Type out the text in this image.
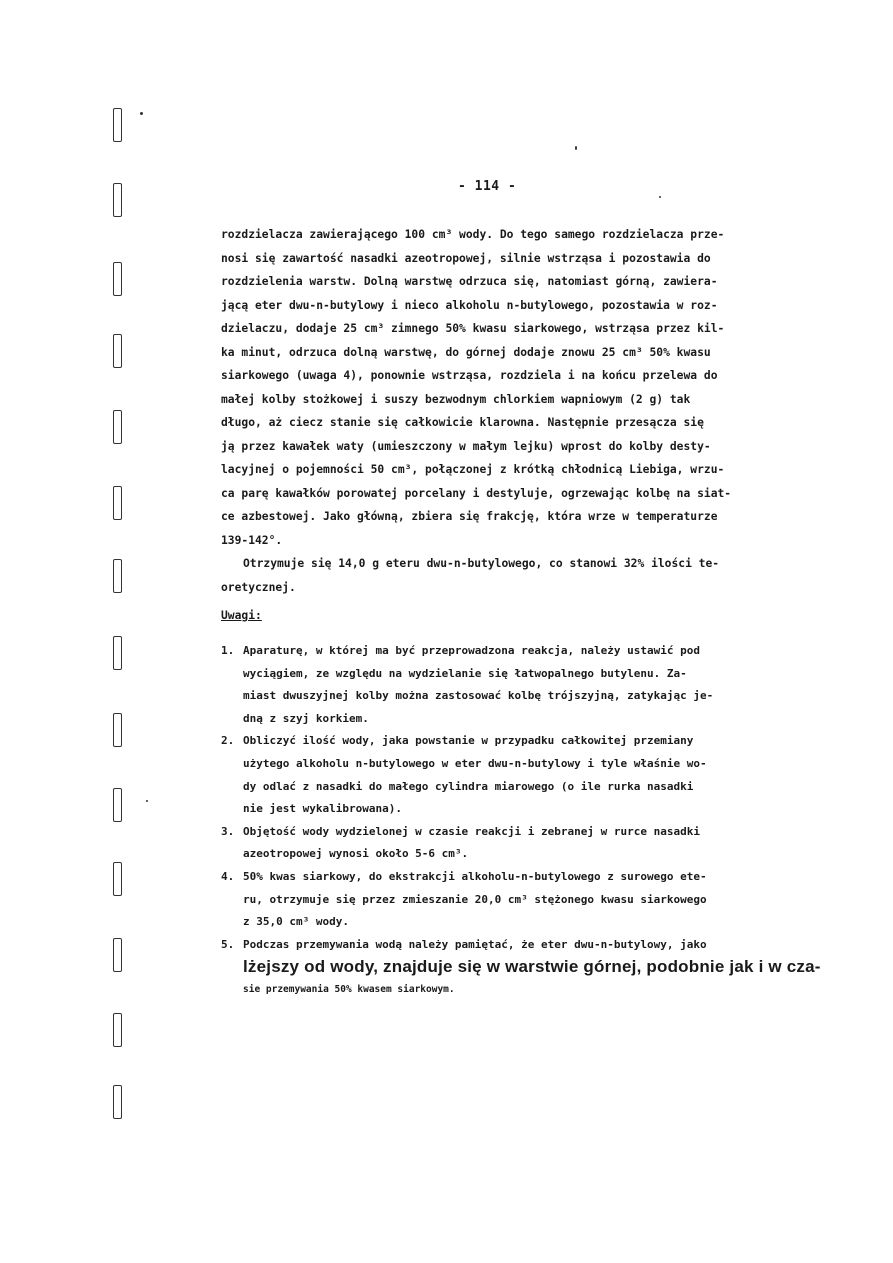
- 114 -

rozdzielacza zawierającego 100 cm³ wody. Do tego samego rozdzielacza prze-
nosi się zawartość nasadki azeotropowej, silnie wstrząsa i pozostawia do
rozdzielenia warstw. Dolną warstwę odrzuca się, natomiast górną, zawiera-
jącą eter dwu-n-butylowy i nieco alkoholu n-butylowego, pozostawia w roz-
dzielaczu, dodaje 25 cm³ zimnego 50% kwasu siarkowego, wstrząsa przez kil-
ka minut, odrzuca dolną warstwę, do górnej dodaje znowu 25 cm³ 50% kwasu
siarkowego (uwaga 4), ponownie wstrząsa, rozdziela i na końcu przelewa do
małej kolby stożkowej i suszy bezwodnym chlorkiem wapniowym (2 g) tak
długo, aż ciecz stanie się całkowicie klarowna. Następnie przesącza się
ją przez kawałek waty (umieszczony w małym lejku) wprost do kolby desty-
lacyjnej o pojemności 50 cm³, połączonej z krótką chłodnicą Liebiga, wrzu-
ca parę kawałków porowatej porcelany i destyluje, ogrzewając kolbę na siat-
ce azbestowej. Jako główną, zbiera się frakcję, która wrze w temperaturze
139-142°.

Otrzymuje się 14,0 g eteru dwu-n-butylowego, co stanowi 32% ilości te-

oretycznej.

Uwagi:
1. Aparaturę, w której ma być przeprowadzona reakcja, należy ustawić pod
wyciągiem, ze względu na wydzielanie się łatwopalnego butylenu. Za-
miast dwuszyjnej kolby można zastosować kolbę trójszyjną, zatykając je-
dną z szyj korkiem.
2. Obliczyć ilość wody, jaka powstanie w przypadku całkowitej przemiany
użytego alkoholu n-butylowego w eter dwu-n-butylowy i tyle właśnie wo-
dy odlać z nasadki do małego cylindra miarowego (o ile rurka nasadki
nie jest wykalibrowana).
3. Objętość wody wydzielonej w czasie reakcji i zebranej w rurce nasadki
azeotropowej wynosi około 5-6 cm³.
4. 50% kwas siarkowy, do ekstrakcji alkoholu-n-butylowego z surowego ete-
ru, otrzymuje się przez zmieszanie 20,0 cm³ stężonego kwasu siarkowego
z 35,0 cm³ wody.
5. Podczas przemywania wodą należy pamiętać, że eter dwu-n-butylowy, jako
lżejszy od wody, znajduje się w warstwie górnej, podobnie jak i w cza-
sie przemywania 50% kwasem siarkowym.
